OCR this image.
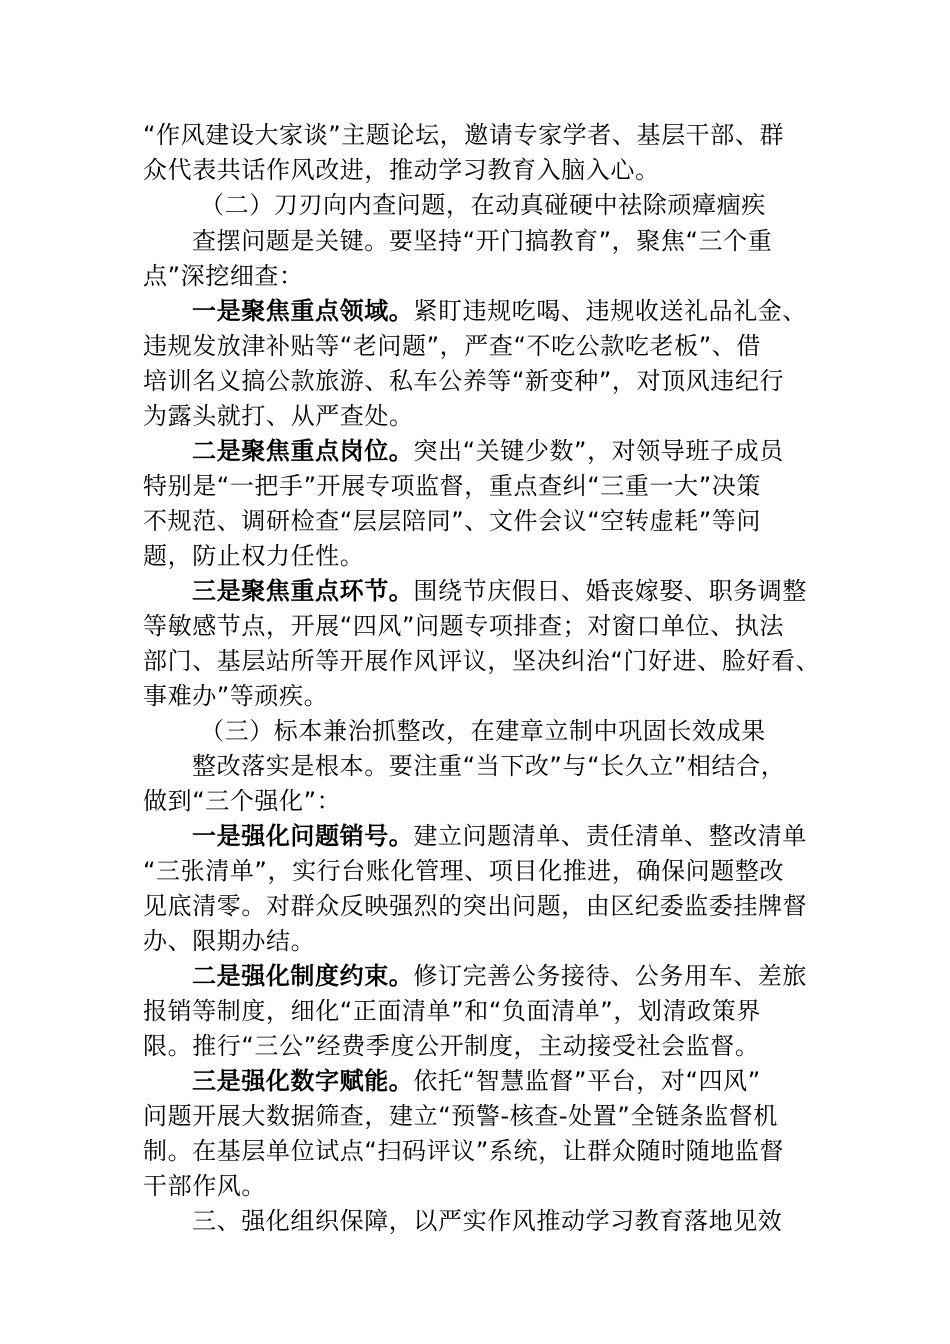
“作风建设大家谈”主题论坛，邀请专家学者、基层干部、群
众代表共话作风改进，推动学习教育入脑入心。
（二）刀刃向内查问题，在动真碰硬中祛除顽瘴痼疾
查摆问题是关键。要坚持“开门搞教育”，聚焦“三个重
点”深挖细查：
一是聚焦重点领域。紧盯违规吃喝、违规收送礼品礼金、
违规发放津补贴等“老问题”，严查“不吃公款吃老板”、借
培训名义搞公款旅游、私车公养等“新变种”，对顶风违纪行
为露头就打、从严查处。
二是聚焦重点岗位。突出“关键少数”，对领导班子成员
特别是“一把手”开展专项监督，重点查纠“三重一大”决策
不规范、调研检查“层层陪同”、文件会议“空转虚耗”等问
题，防止权力任性。
三是聚焦重点环节。围绕节庆假日、婚丧嫁娶、职务调整
等敏感节点，开展“四风”问题专项排查；对窗口单位、执法
部门、基层站所等开展作风评议，坚决纠治“门好进、脸好看、
事难办”等顽疾。
（三）标本兼治抓整改，在建章立制中巩固长效成果
整改落实是根本。要注重“当下改”与“长久立”相结合，
做到“三个强化”：
一是强化问题销号。建立问题清单、责任清单、整改清单
“三张清单”，实行台账化管理、项目化推进，确保问题整改
见底清零。对群众反映强烈的突出问题，由区纪委监委挂牌督
办、限期办结。
二是强化制度约束。修订完善公务接待、公务用车、差旅
报销等制度，细化“正面清单”和“负面清单”，划清政策界
限。推行“三公”经费季度公开制度，主动接受社会监督。
三是强化数字赋能。依托“智慧监督”平台，对“四风”
问题开展大数据筛查，建立“预警-核查-处置”全链条监督机
制。在基层单位试点“扫码评议”系统，让群众随时随地监督
干部作风。
三、强化组织保障，以严实作风推动学习教育落地见效
